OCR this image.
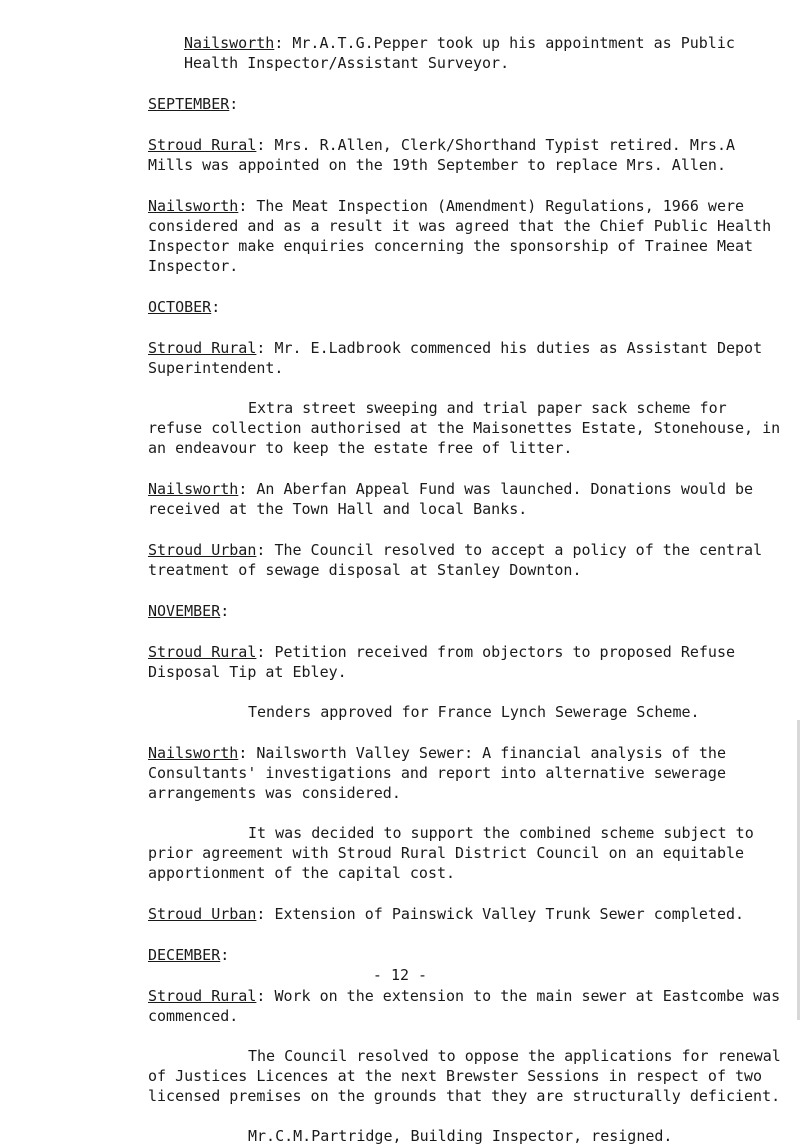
Nailsworth: Mr.A.T.G.Pepper took up his appointment as Public Health Inspector/Assistant Surveyor.

SEPTEMBER:
Stroud Rural: Mrs. R.Allen, Clerk/Shorthand Typist retired. Mrs.A Mills was appointed on the 19th September to replace Mrs. Allen.
Nailsworth: The Meat Inspection (Amendment) Regulations, 1966 were considered and as a result it was agreed that the Chief Public Health Inspector make enquiries concerning the sponsorship of Trainee Meat Inspector.
OCTOBER:
Stroud Rural: Mr. E.Ladbrook commenced his duties as Assistant Depot Superintendent.
Extra street sweeping and trial paper sack scheme for refuse collection authorised at the Maisonettes Estate, Stonehouse, in an endeavour to keep the estate free of litter.
Nailsworth: An Aberfan Appeal Fund was launched. Donations would be received at the Town Hall and local Banks.
Stroud Urban: The Council resolved to accept a policy of the central treatment of sewage disposal at Stanley Downton.
NOVEMBER:
Stroud Rural: Petition received from objectors to proposed Refuse Disposal Tip at Ebley.
Tenders approved for France Lynch Sewerage Scheme.
Nailsworth: Nailsworth Valley Sewer: A financial analysis of the Consultants' investigations and report into alternative sewerage arrangements was considered.
It was decided to support the combined scheme subject to prior agreement with Stroud Rural District Council on an equitable apportionment of the capital cost.
Stroud Urban: Extension of Painswick Valley Trunk Sewer completed.
DECEMBER:
Stroud Rural: Work on the extension to the main sewer at Eastcombe was commenced.
The Council resolved to oppose the applications for renewal of Justices Licences at the next Brewster Sessions in respect of two licensed premises on the grounds that they are structurally deficient.
Mr.C.M.Partridge, Building Inspector, resigned.
- 12 -
